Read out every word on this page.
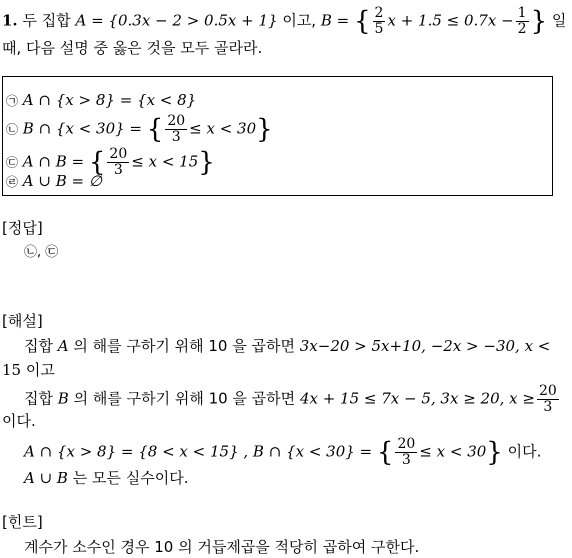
1. 두 집합 A = {0.3x − 2 > 0.5x + 1} 이고, B = { $\frac{2}{5}$ $x + 1.5 \le 0.7x - \frac{1}{2}$ } 일
때, 다음 설명 중 옳은 것을 모두 골라라.
㉠ A ∩ {x > 8} = {x < 8}
㉡ B ∩ {x < 30} = { $\frac{20}{3} \le x < 30$}
㉢ A ∩ B = { $\frac{20}{3} \le x < 15$}
㉣ A ∪ B = ∅
[정답]
㉡, ㉢
[해설]
집합 A 의 해를 구하기 위해 10 을 곱하면 3x−20 > 5x+10, −2x > −30, x <
15 이고
집합 B 의 해를 구하기 위해 10 을 곱하면 4x + 15 ≤ 7x − 5, 3x ≥ 20, $x \ge \frac{20}{3}$
이다.
A ∩ {x > 8} = {8 < x < 15} , B ∩ {x < 30} = { $\frac{20}{3} \le x < 30$} 이다.
A ∪ B 는 모든 실수이다.
[힌트]
계수가 소수인 경우 10 의 거듭제곱을 적당히 곱하여 구한다.
